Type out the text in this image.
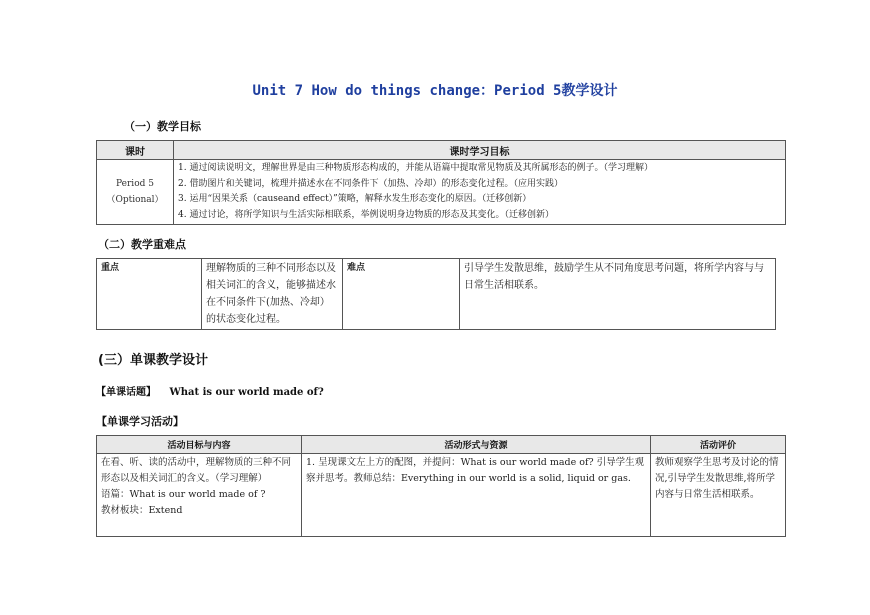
Unit 7 How do things change：Period 5教学设计
（一）教学目标
课时	课时学习目标

Period 5
（Optional）	1. 通过阅读说明文，理解世界是由三种物质形态构成的，并能从语篇中提取常见物质及其所属形态的例子。（学习理解）
2. 借助图片和关键词，梳理并描述水在不同条件下（加热、冷却）的形态变化过程。（应用实践）
3. 运用“因果关系（causeand effect）”策略，解释水发生形态变化的原因。（迁移创新）
4. 通过讨论，将所学知识与生活实际相联系，举例说明身边物质的形态及其变化。（迁移创新）
（二）教学重难点
重点	理解物质的三种不同形态以及相关词汇的含义，能够描述水在不同条件下(加热、冷却）的状态变化过程。	难点	引导学生发散思维，鼓励学生从不同角度思考问题，将所学内容与与日常生活相联系。
(三）单课教学设计
【单课话题】 What is our world made of?
【单课学习活动】
活动目标与内容	活动形式与资源	活动评价

在看、听、读的活动中，理解物质的三种不同形态以及相关词汇的含义。（学习理解）
语篇：What is our world made of ?
教材板块：Extend	1. 呈现课文左上方的配图，并提问：What is our world made of? 引导学生观察并思考。教师总结：Everything in our world is a solid, liquid or gas.	教师观察学生思考及讨论的情况,引导学生发散思维,将所学内容与日常生活相联系。
